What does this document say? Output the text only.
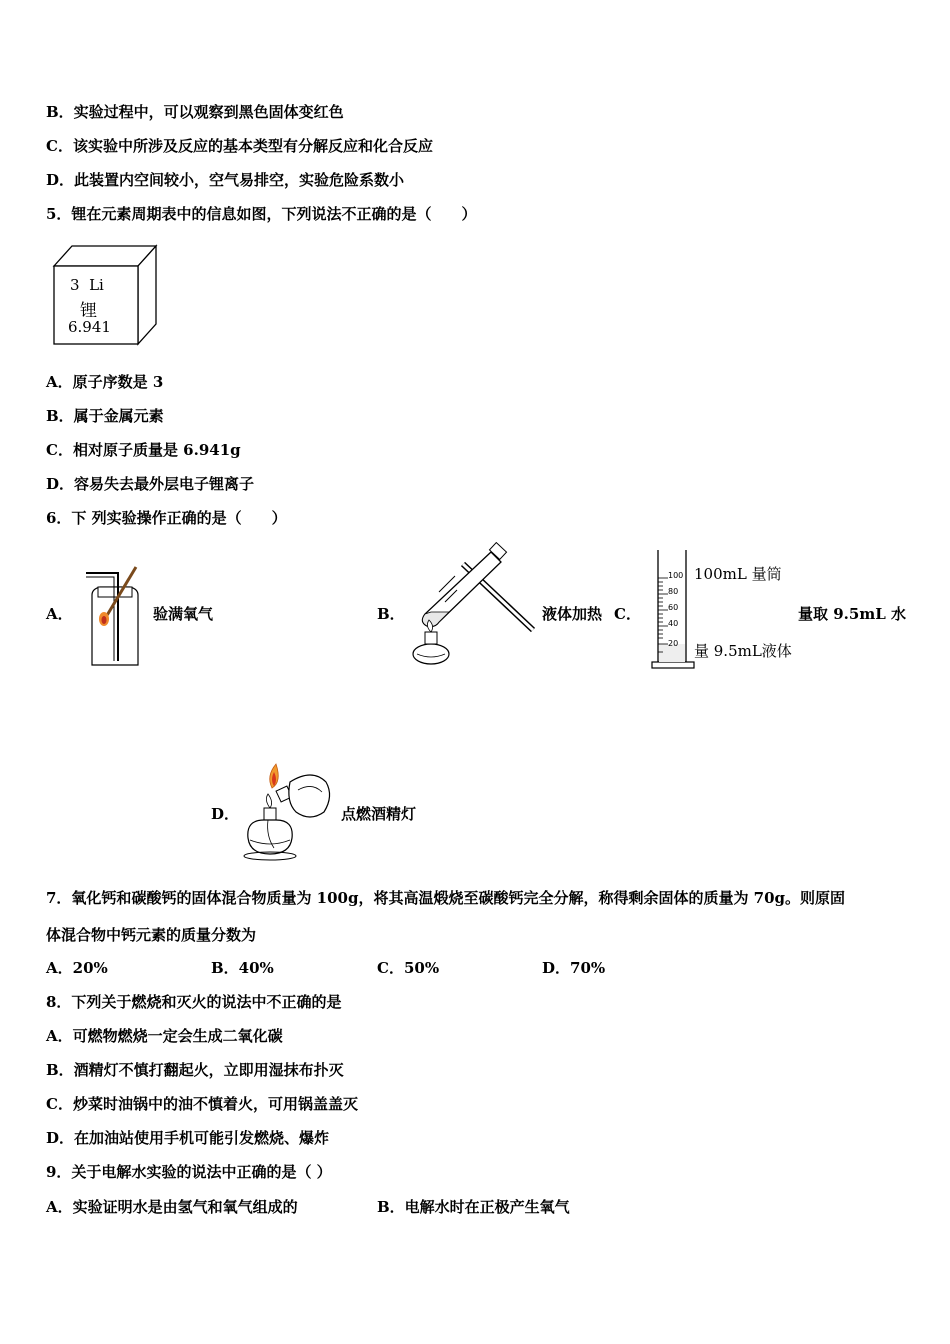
B．实验过程中，可以观察到黑色固体变红色
C．该实验中所涉及反应的基本类型有分解反应和化合反应
D．此装置内空间较小，空气易排空，实验危险系数小
5．锂在元素周期表中的信息如图，下列说法不正确的是（　　）
3 Li
锂
6.941
A．原子序数是 3
B．属于金属元素
C．相对原子质量是 6.941g
D．容易失去最外层电子锂离子
6．下 列实验操作正确的是（　　）
A．	验满氧气	B．	液体加热 C．
100
80
60
40
20
100mL 量筒
量 9.5mL液体
量取 9.5mL 水
D．	点燃酒精灯
7．氧化钙和碳酸钙的固体混合物质量为 100g，将其高温煅烧至碳酸钙完全分解，称得剩余固体的质量为 70g。则原固
体混合物中钙元素的质量分数为
A．20%	B．40%	C．50%	D．70%
8．下列关于燃烧和灭火的说法中不正确的是
A．可燃物燃烧一定会生成二氧化碳
B．酒精灯不慎打翻起火，立即用湿抹布扑灭
C．炒菜时油锅中的油不慎着火，可用锅盖盖灭
D．在加油站使用手机可能引发燃烧、爆炸
9．关于电解水实验的说法中正确的是（ ）
A．实验证明水是由氢气和氧气组成的	B．电解水时在正极产生氧气
